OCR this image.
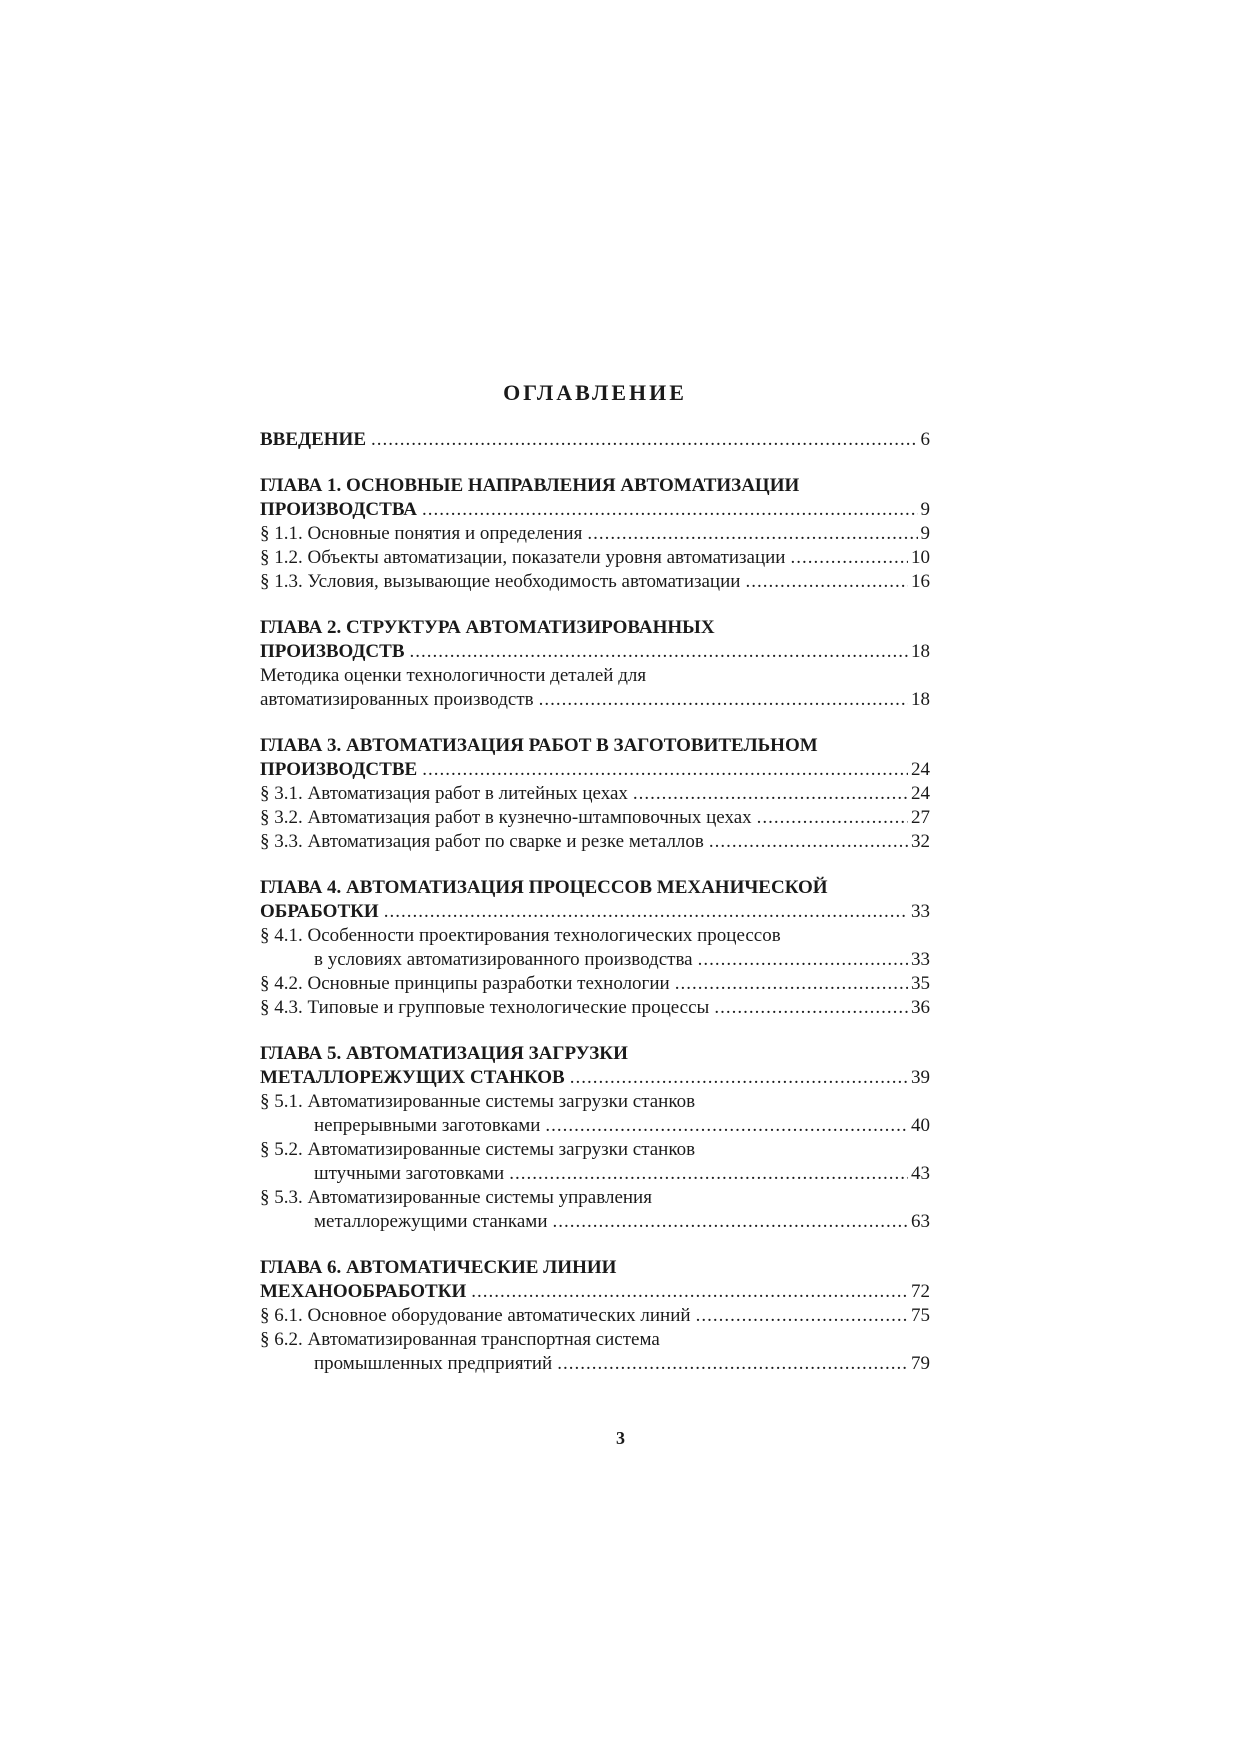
ОГЛАВЛЕНИЕ
ВВЕДЕНИЕ .....	6
ГЛАВА 1. ОСНОВНЫЕ НАПРАВЛЕНИЯ АВТОМАТИЗАЦИИ
ПРОИЗВОДСТВА .....	9
§ 1.1. Основные понятия и определения .....	9
§ 1.2. Объекты автоматизации, показатели уровня автоматизации .....	10
§ 1.3. Условия, вызывающие необходимость автоматизации .....	16
ГЛАВА 2. СТРУКТУРА АВТОМАТИЗИРОВАННЫХ
ПРОИЗВОДСТВ .....	18
Методика оценки технологичности деталей для
автоматизированных производств .....	18
ГЛАВА 3. АВТОМАТИЗАЦИЯ РАБОТ В ЗАГОТОВИТЕЛЬНОМ
ПРОИЗВОДСТВЕ .....	24
§ 3.1. Автоматизация работ в литейных цехах .....	24
§ 3.2. Автоматизация работ в кузнечно-штамповочных цехах .....	27
§ 3.3. Автоматизация работ по сварке и резке металлов .....	32
ГЛАВА 4. АВТОМАТИЗАЦИЯ ПРОЦЕССОВ МЕХАНИЧЕСКОЙ
ОБРАБОТКИ .....	33
§ 4.1. Особенности проектирования технологических процессов
в условиях автоматизированного производства .....	33
§ 4.2. Основные принципы разработки технологии .....	35
§ 4.3. Типовые и групповые технологические процессы .....	36
ГЛАВА 5. АВТОМАТИЗАЦИЯ ЗАГРУЗКИ
МЕТАЛЛОРЕЖУЩИХ СТАНКОВ .....	39
§ 5.1. Автоматизированные системы загрузки станков
непрерывными заготовками .....	40
§ 5.2. Автоматизированные системы загрузки станков
штучными заготовками .....	43
§ 5.3. Автоматизированные системы управления
металлорежущими станками .....	63
ГЛАВА 6. АВТОМАТИЧЕСКИЕ ЛИНИИ
МЕХАНООБРАБОТКИ .....	72
§ 6.1. Основное оборудование автоматических линий .....	75
§ 6.2. Автоматизированная транспортная система
промышленных предприятий .....	79
3
